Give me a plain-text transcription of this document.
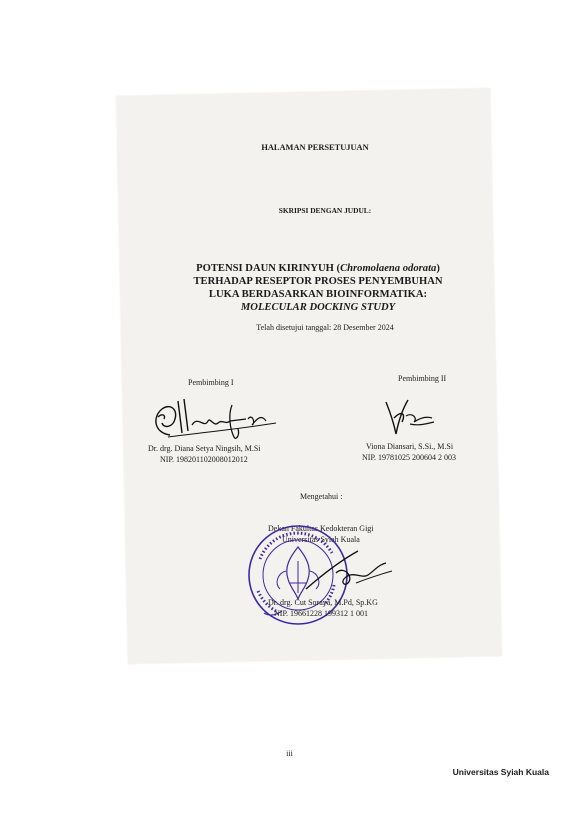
HALAMAN PERSETUJUAN
SKRIPSI DENGAN JUDUL:
POTENSI DAUN KIRINYUH (Chromolaena odorata)
TERHADAP RESEPTOR PROSES PENYEMBUHAN
LUKA BERDASARKAN BIOINFORMATIKA:
MOLECULAR DOCKING STUDY
Telah disetujui tanggal: 28 Desember 2024
Pembimbing I
Dr. drg. Diana Setya Ningsih, M.Si
NIP. 198201102008012012
Pembimbing II
Viona Diansari, S.Si., M.Si
NIP. 19781025 200604 2 003
Mengetahui :
Dekan Fakultas Kedokteran Gigi
Universitas Syiah Kuala
Dr. drg. Cut Soraya, M.Pd, Sp.KG
NIP. 19661228 199312 1 001
iii
Universitas Syiah Kuala
